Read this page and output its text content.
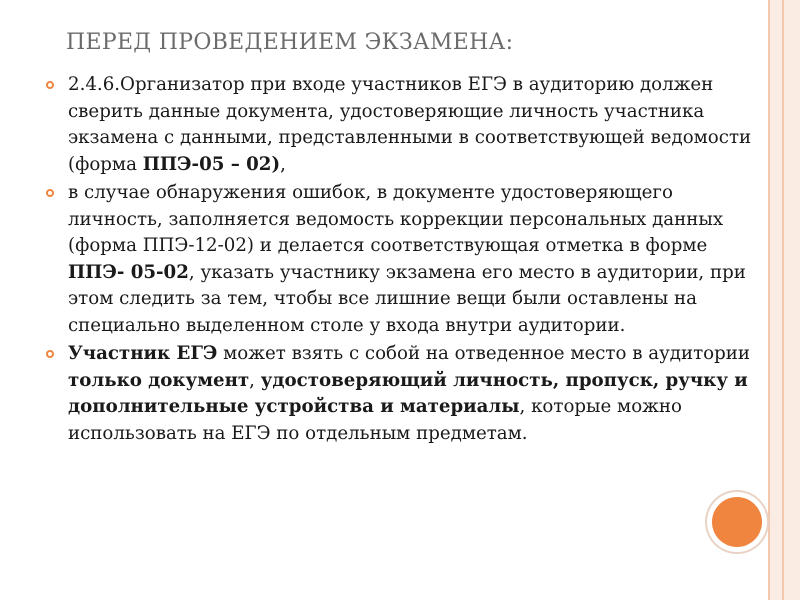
ПЕРЕД ПРОВЕДЕНИЕМ ЭКЗАМЕНА:
2.4.6.Организатор при входе участников ЕГЭ в аудиторию должен сверить данные документа, удостоверяющие личность участника экзамена с данными, представленными в соответствующей ведомости (форма ППЭ-05 – 02),
в случае обнаружения ошибок, в документе удостоверяющего личность, заполняется ведомость коррекции персональных данных (форма ППЭ-12-02) и делается соответствующая отметка в форме ППЭ- 05-02, указать участнику экзамена его место в аудитории, при этом следить за тем, чтобы все лишние вещи были оставлены на специально выделенном столе у входа внутри аудитории.
Участник ЕГЭ может взять с собой на отведенное место в аудитории только документ, удостоверяющий личность, пропуск, ручку и дополнительные устройства и материалы, которые можно использовать на ЕГЭ по отдельным предметам.
